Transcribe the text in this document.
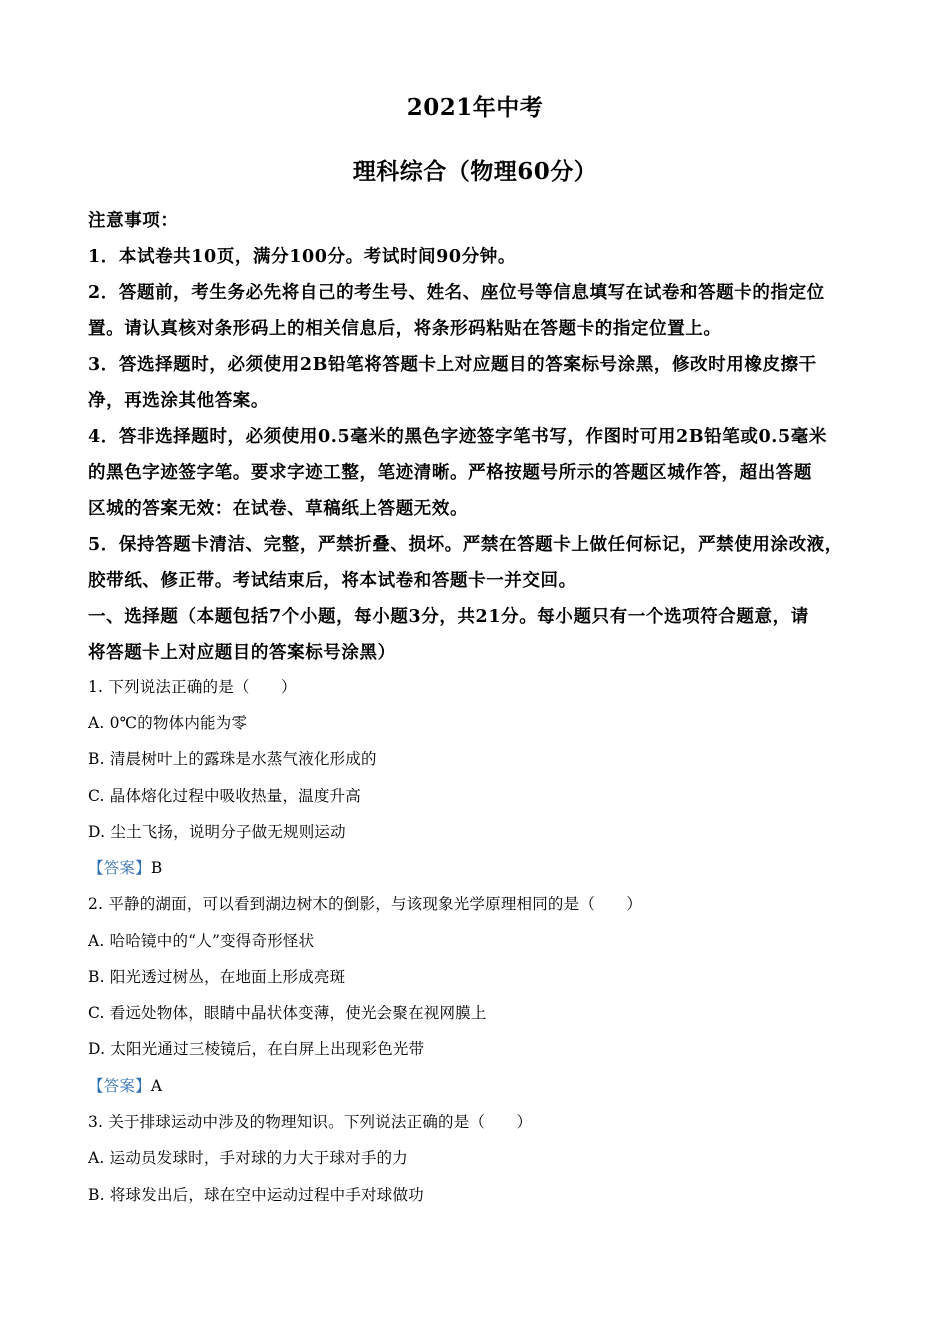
2021年中考
理科综合（物理60分）
注意事项：
1．本试卷共10页，满分100分。考试时间90分钟。
2．答题前，考生务必先将自己的考生号、姓名、座位号等信息填写在试卷和答题卡的指定位
置。请认真核对条形码上的相关信息后，将条形码粘贴在答题卡的指定位置上。
3．答选择题时，必须使用2B铅笔将答题卡上对应题目的答案标号涂黑，修改时用橡皮擦干
净，再选涂其他答案。
4．答非选择题时，必须使用0.5毫米的黑色字迹签字笔书写，作图时可用2B铅笔或0.5毫米
的黑色字迹签字笔。要求字迹工整，笔迹清晰。严格按题号所示的答题区城作答，超出答题
区城的答案无效：在试卷、草稿纸上答题无效。
5．保持答题卡清洁、完整，严禁折叠、损坏。严禁在答题卡上做任何标记，严禁使用涂改液，
胶带纸、修正带。考试结束后，将本试卷和答题卡一并交回。
一、选择题（本题包括7个小题，每小题3分，共21分。每小题只有一个选项符合题意，请
将答题卡上对应题目的答案标号涂黑）
1. 下列说法正确的是（　　）
A. 0℃的物体内能为零
B. 清晨树叶上的露珠是水蒸气液化形成的
C. 晶体熔化过程中吸收热量，温度升高
D. 尘土飞扬，说明分子做无规则运动
【答案】B
2. 平静的湖面，可以看到湖边树木的倒影，与该现象光学原理相同的是（　　）
A. 哈哈镜中的“人”变得奇形怪状
B. 阳光透过树丛，在地面上形成亮斑
C. 看远处物体，眼睛中晶状体变薄，使光会聚在视网膜上
D. 太阳光通过三棱镜后，在白屏上出现彩色光带
【答案】A
3. 关于排球运动中涉及的物理知识。下列说法正确的是（　　）
A. 运动员发球时，手对球的力大于球对手的力
B. 将球发出后，球在空中运动过程中手对球做功
